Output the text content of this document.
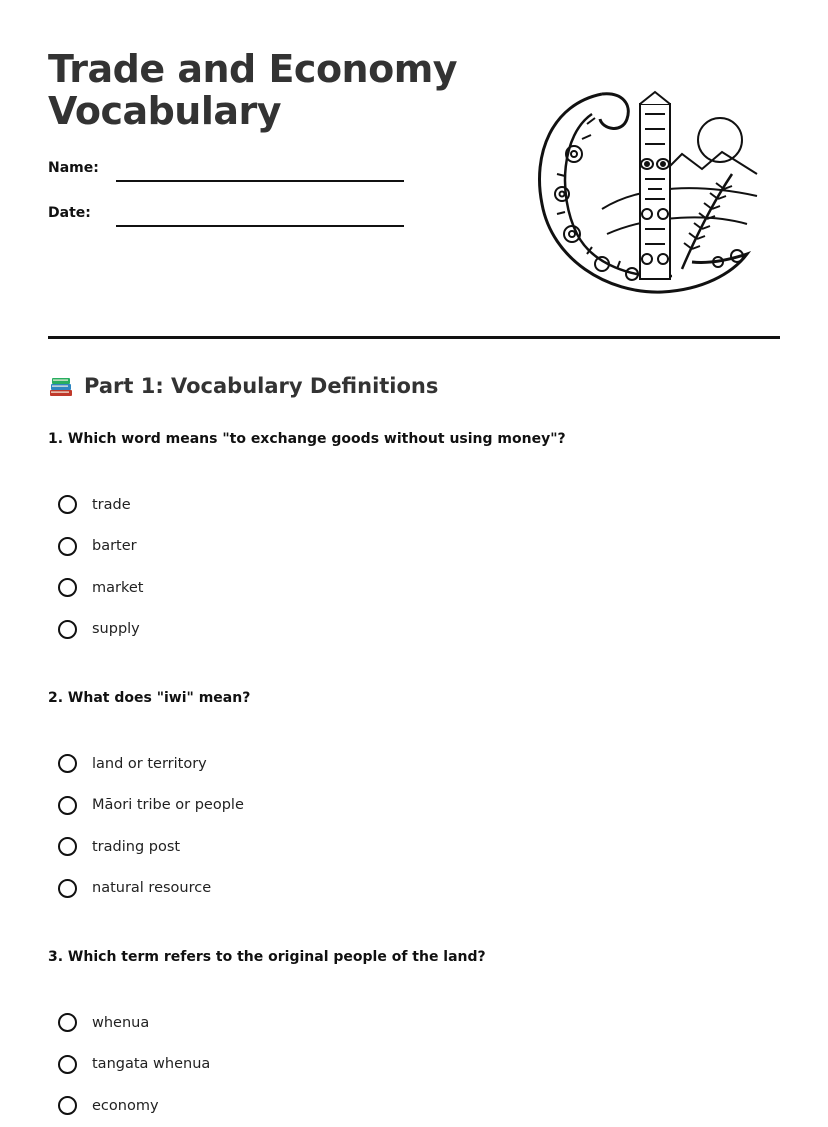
Trade and Economy
Vocabulary
Name:
Date:
Part 1: Vocabulary Definitions

1. Which word means "to exchange goods without using money"?

trade
barter
market
supply

2. What does "iwi" mean?

land or territory
Māori tribe or people
trading post
natural resource

3. Which term refers to the original people of the land?

whenua
tangata whenua
economy
